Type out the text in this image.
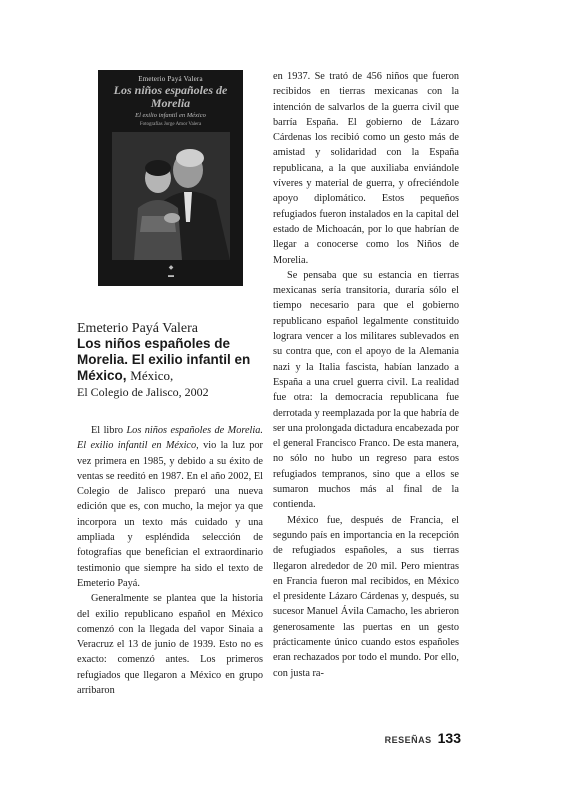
Emeterio Payá Valera
Los niños españoles de Morelia
El exilio infantil en México
Fotografías Jorge Amor Valera
◆
▬
Emeterio Payá Valera
Los niños españoles de Morelia. El exilio infantil en México, México,
El Colegio de Jalisco, 2002

El libro Los niños españoles de Morelia. El exilio infantil en México, vio la luz por vez primera en 1985, y debido a su éxito de ventas se reeditó en 1987. En el año 2002, El Colegio de Jalisco preparó una nueva edición que es, con mucho, la mejor ya que incorpora un texto más cuidado y una ampliada y espléndida selección de fotografías que benefician el extraordinario testimonio que siempre ha sido el texto de Emeterio Payá.

Generalmente se plantea que la historia del exilio republicano español en México comenzó con la llegada del vapor Sinaia a Veracruz el 13 de junio de 1939. Esto no es exacto: comenzó antes. Los primeros refugiados que llegaron a México en grupo arribaron

en 1937. Se trató de 456 niños que fueron recibidos en tierras mexicanas con la intención de salvarlos de la guerra civil que barría España. El gobierno de Lázaro Cárdenas los recibió como un gesto más de amistad y solidaridad con la España republicana, a la que auxiliaba enviándole víveres y material de guerra, y ofreciéndole apoyo diplomático. Estos pequeños refugiados fueron instalados en la capital del estado de Michoacán, por lo que habrían de llegar a conocerse como los Niños de Morelia.

Se pensaba que su estancia en tierras mexicanas sería transitoria, duraría sólo el tiempo necesario para que el gobierno republicano español legalmente constituido lograra vencer a los militares sublevados en su contra que, con el apoyo de la Alemania nazi y la Italia fascista, habían lanzado a España a una cruel guerra civil. La realidad fue otra: la democracia republicana fue derrotada y reemplazada por la que habría de ser una prolongada dictadura encabezada por el general Francisco Franco. De esta manera, no sólo no hubo un regreso para estos refugiados tempranos, sino que a ellos se sumaron muchos más al final de la contienda.

México fue, después de Francia, el segundo país en importancia en la recepción de refugiados españoles, a sus tierras llegaron alrededor de 20 mil. Pero mientras en Francia fueron mal recibidos, en México el presidente Lázaro Cárdenas y, después, su sucesor Manuel Ávila Camacho, les abrieron generosamente las puertas en un gesto prácticamente único cuando estos españoles eran rechazados por todo el mundo. Por ello, con justa ra-

RESEÑAS 133
